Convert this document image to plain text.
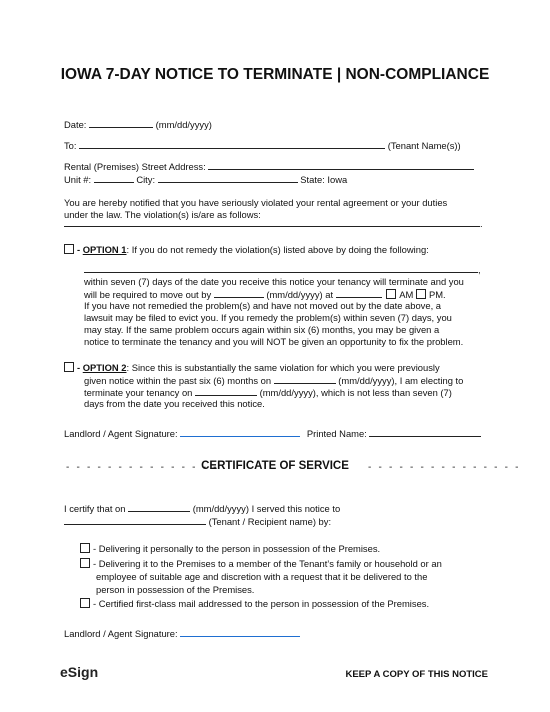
IOWA 7-DAY NOTICE TO TERMINATE | NON-COMPLIANCE
Date:	(mm/dd/yyyy)
To:	(Tenant Name(s))
Rental (Premises) Street Address:
Unit #:	City:	State: Iowa
You are hereby notified that you have seriously violated your rental agreement or your duties
under the law. The violation(s) is/are as follows:
.
- OPTION 1: If you do not remedy the violation(s) listed above by doing the following:
,
within seven (7) days of the date you receive this notice your tenancy will terminate and you
will be required to move out by	(mm/dd/yyyy) at	AM PM.
If you have not remedied the problem(s) and have not moved out by the date above, a
lawsuit may be filed to evict you. If you remedy the problem(s) within seven (7) days, you
may stay. If the same problem occurs again within six (6) months, you may be given a
notice to terminate the tenancy and you will NOT be given an opportunity to fix the problem.
- OPTION 2: Since this is substantially the same violation for which you were previously
given notice within the past six (6) months on	(mm/dd/yyyy), I am electing to
terminate your tenancy on	(mm/dd/yyyy), which is not less than seven (7)
days from the date you received this notice.
Landlord / Agent Signature:	Printed Name:
- - - - - - - - - - - - - - -
CERTIFICATE OF SERVICE	- - - - - - - - - - - - - - -
I certify that on	(mm/dd/yyyy) I served this notice to
(Tenant / Recipient name) by:
- Delivering it personally to the person in possession of the Premises.
- Delivering it to the Premises to a member of the Tenant’s family or household or an
employee of suitable age and discretion with a request that it be delivered to the
person in possession of the Premises.
- Certified first-class mail addressed to the person in possession of the Premises.
Landlord / Agent Signature:
eSign	KEEP A COPY OF THIS NOTICE
